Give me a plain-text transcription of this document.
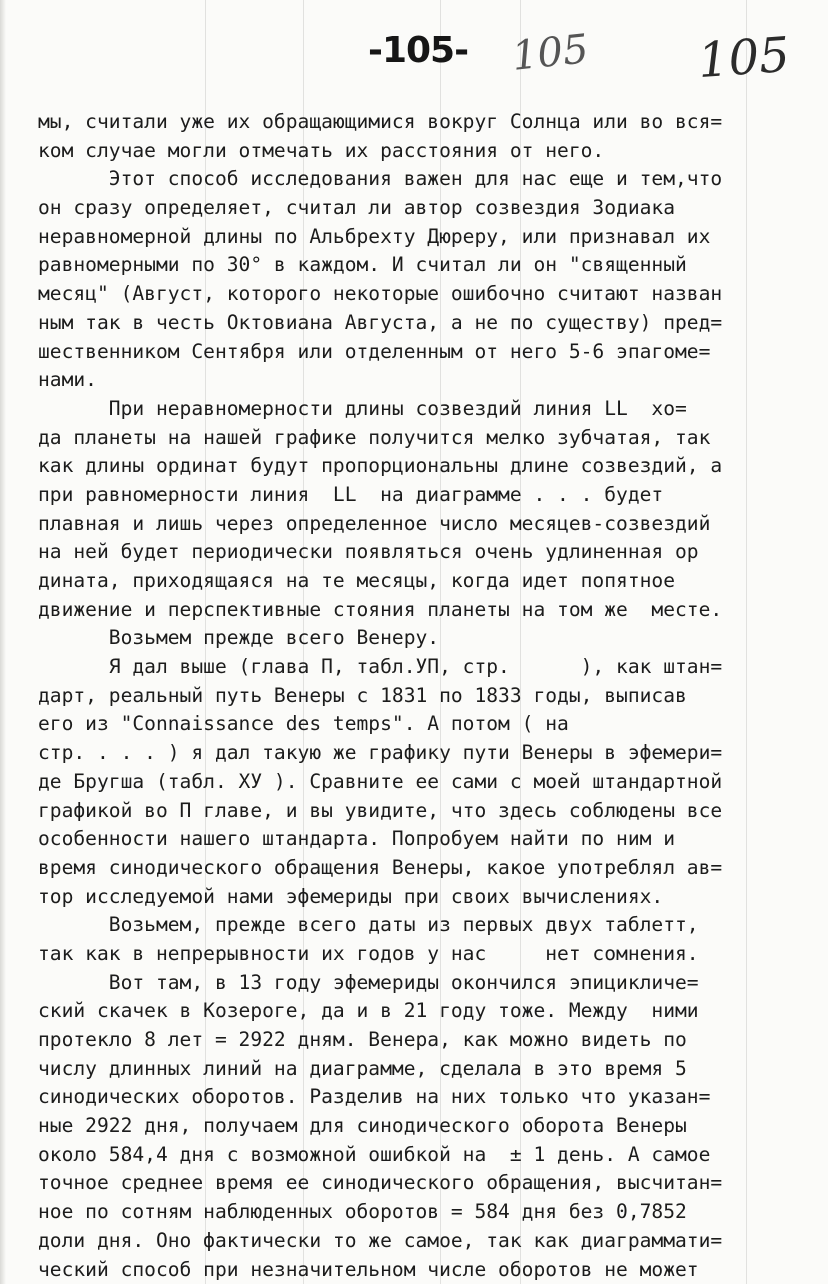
-105- 105 105
мы, считали уже их обращающимися вокруг Солнца или во вся=
ком случае могли отмечать их расстояния от него.
Этот способ исследования важен для нас еще и тем,что
он сразу определяет, считал ли автор созвездия Зодиака
неравномерной длины по Альбрехту Дюреру, или признавал их
равномерными по 30° в каждом. И считал ли он "священный
месяц" (Август, которого некоторые ошибочно считают назван
ным так в честь Октовиана Августа, а не по существу) пред=
шественником Сентября или отделенным от него 5-6 эпагоме=
нами.
При неравномерности длины созвездий линия LL  хо=
да планеты на нашей графике получится мелко зубчатая, так
как длины ординат будут пропорциональны длине созвездий, а
при равномерности линия  LL  на диаграмме . . . будет
плавная и лишь через определенное число месяцев-созвездий
на ней будет периодически появляться очень удлиненная ор
дината, приходящаяся на те месяцы, когда идет попятное
движение и перспективные стояния планеты на том же  месте.
Возьмем прежде всего Венеру.
Я дал выше (глава П, табл.УП, стр.      ), как штан=
дарт, реальный путь Венеры с 1831 по 1833 годы, выписав
его из "Connaissance des temps". А потом ( на
стр. . . . ) я дал такую же графику пути Венеры в эфемери=
де Бругша (табл. ХУ ). Сравните ее сами с моей штандартной
графикой во П главе, и вы увидите, что здесь соблюдены все
особенности нашего штандарта. Попробуем найти по ним и
время синодического обращения Венеры, какое употреблял ав=
тор исследуемой нами эфемериды при своих вычислениях.
Возьмем, прежде всего даты из первых двух таблетт,
так как в непрерывности их годов у нас     нет сомнения.
Вот там, в 13 году эфемериды окончился эпицикличе=
ский скачек в Козероге, да и в 21 году тоже. Между  ними
протекло 8 лет = 2922 дням. Венера, как можно видеть по
числу длинных линий на диаграмме, сделала в это время 5
синодических оборотов. Разделив на них только что указан=
ные 2922 дня, получаем для синодического оборота Венеры
около 584,4 дня с возможной ошибкой на  ± 1 день. А самое
точное среднее время ее синодического обращения, высчитан=
ное по сотням наблюденных оборотов = 584 дня без 0,7852
доли дня. Оно фактически то же самое, так как диаграммати=
ческий способ при незначительном числе оборотов не может
